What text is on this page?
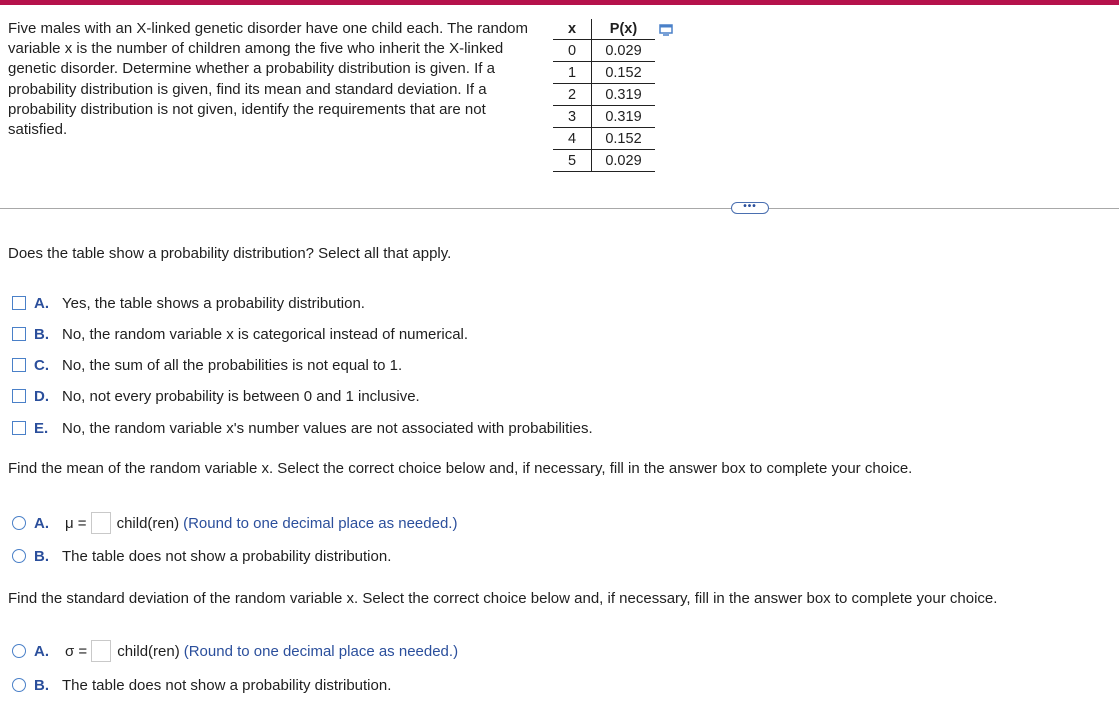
Five males with an X-linked genetic disorder have one child each. The random variable x is the number of children among the five who inherit the X-linked genetic disorder. Determine whether a probability distribution is given. If a probability distribution is given, find its mean and standard deviation. If a probability distribution is not given, identify the requirements that are not satisfied.
x	P(x)
0	0.029
1	0.152
2	0.319
3	0.319
4	0.152
5	0.029
•••
Does the table show a probability distribution? Select all that apply.
A. Yes, the table shows a probability distribution.
B. No, the random variable x is categorical instead of numerical.
C. No, the sum of all the probabilities is not equal to 1.
D. No, not every probability is between 0 and 1 inclusive.
E. No, the random variable x's number values are not associated with probabilities.
Find the mean of the random variable x. Select the correct choice below and, if necessary, fill in the answer box to complete your choice.
A.	μ = child(ren) (Round to one decimal place as needed.)
B. The table does not show a probability distribution.
Find the standard deviation of the random variable x. Select the correct choice below and, if necessary, fill in the answer box to complete your choice.
A.	σ = child(ren) (Round to one decimal place as needed.)
B. The table does not show a probability distribution.
